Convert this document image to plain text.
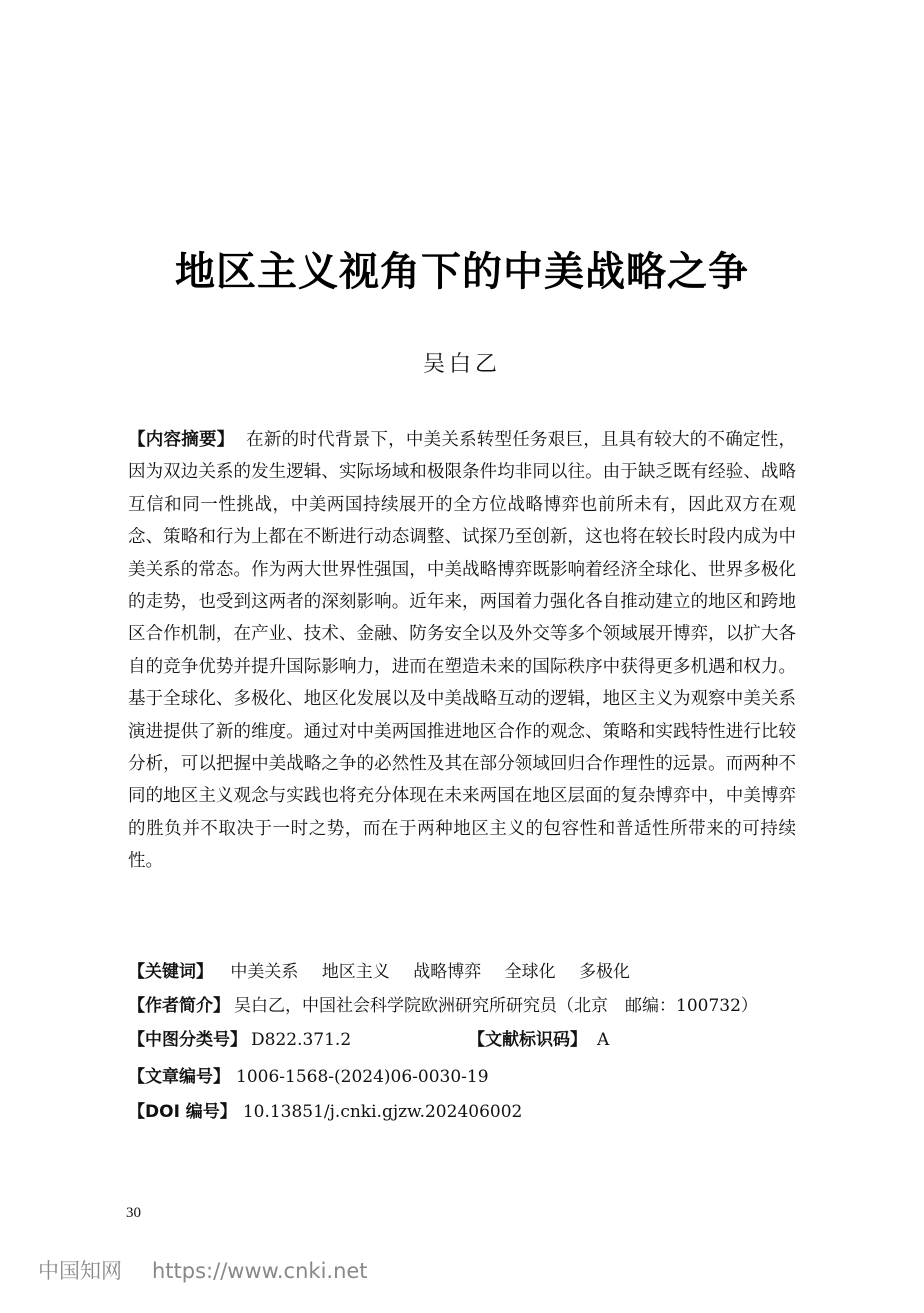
地区主义视角下的中美战略之争
吴白乙

【内容摘要】 在新的时代背景下，中美关系转型任务艰巨，且具有较大的不确定性，因为双边关系的发生逻辑、实际场域和极限条件均非同以往。由于缺乏既有经验、战略互信和同一性挑战，中美两国持续展开的全方位战略博弈也前所未有，因此双方在观念、策略和行为上都在不断进行动态调整、试探乃至创新，这也将在较长时段内成为中美关系的常态。作为两大世界性强国，中美战略博弈既影响着经济全球化、世界多极化的走势，也受到这两者的深刻影响。近年来，两国着力强化各自推动建立的地区和跨地区合作机制，在产业、技术、金融、防务安全以及外交等多个领域展开博弈，以扩大各自的竞争优势并提升国际影响力，进而在塑造未来的国际秩序中获得更多机遇和权力。基于全球化、多极化、地区化发展以及中美战略互动的逻辑，地区主义为观察中美关系演进提供了新的维度。通过对中美两国推进地区合作的观念、策略和实践特性进行比较分析，可以把握中美战略之争的必然性及其在部分领域回归合作理性的远景。而两种不同的地区主义观念与实践也将充分体现在未来两国在地区层面的复杂博弈中，中美博弈的胜负并不取决于一时之势，而在于两种地区主义的包容性和普适性所带来的可持续性。

【关键词】 中美关系 地区主义 战略博弈 全球化 多极化
【作者简介】 吴白乙，中国社会科学院欧洲研究所研究员（北京　邮编：100732）
【中图分类号】 D822.371.2	【文献标识码】 A
【文章编号】 1006-1568-(2024)06-0030-19
【DOI 编号】 10.13851/j.cnki.gjzw.202406002
30
中国知网 https://www.cnki.net
